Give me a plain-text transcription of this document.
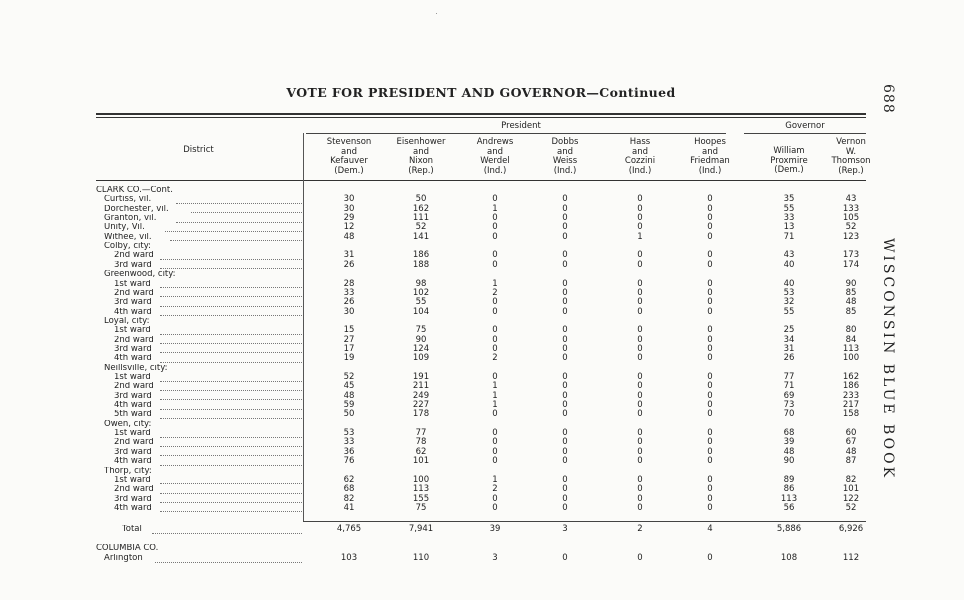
688
WISCONSIN BLUE BOOK
VOTE FOR PRESIDENT AND GOVERNOR—Continued
President	Governor
District
Stevenson
and
Kefauver
(Dem.)
Eisenhower
and
Nixon
(Rep.)
Andrews
and
Werdel
(Ind.)
Dobbs
and
Weiss
(Ind.)
Hass
and
Cozzini
(Ind.)
Hoopes
and
Friedman
(Ind.)
William
Proxmire
(Dem.)
Vernon
W.
Thomson
(Rep.)
CLARK CO.—Cont.
Curtiss, vil.	30	50	0	0	0	0	35	43
Dorchester, vil.	30	162	1	0	0	0	55	133
Granton, vil.	29	111	0	0	0	0	33	105
Unity, Vil.	12	52	0	0	0	0	13	52
Withee, vil.	48	141	0	0	1	0	71	123
Colby, city:
2nd ward	31	186	0	0	0	0	43	173
3rd ward	26	188	0	0	0	0	40	174
Greenwood, city:
1st ward	28	98	1	0	0	0	40	90
2nd ward	33	102	2	0	0	0	53	85
3rd ward	26	55	0	0	0	0	32	48
4th ward	30	104	0	0	0	0	55	85
Loyal, city:
1st ward	15	75	0	0	0	0	25	80
2nd ward	27	90	0	0	0	0	34	84
3rd ward	17	124	0	0	0	0	31	113
4th ward	19	109	2	0	0	0	26	100
Neillsville, city:
1st ward	52	191	0	0	0	0	77	162
2nd ward	45	211	1	0	0	0	71	186
3rd ward	48	249	1	0	0	0	69	233
4th ward	59	227	1	0	0	0	73	217
5th ward	50	178	0	0	0	0	70	158
Owen, city:
1st ward	53	77	0	0	0	0	68	60
2nd ward	33	78	0	0	0	0	39	67
3rd ward	36	62	0	0	0	0	48	48
4th ward	76	101	0	0	0	0	90	87
Thorp, city:
1st ward	62	100	1	0	0	0	89	82
2nd ward	68	113	2	0	0	0	86	101
3rd ward	82	155	0	0	0	0	113	122
4th ward	41	75	0	0	0	0	56	52
Total	4,765	7,941	39	3	2	4	5,886	6,926
COLUMBIA CO.
Arlington	103	110	3	0	0	0	108	112
